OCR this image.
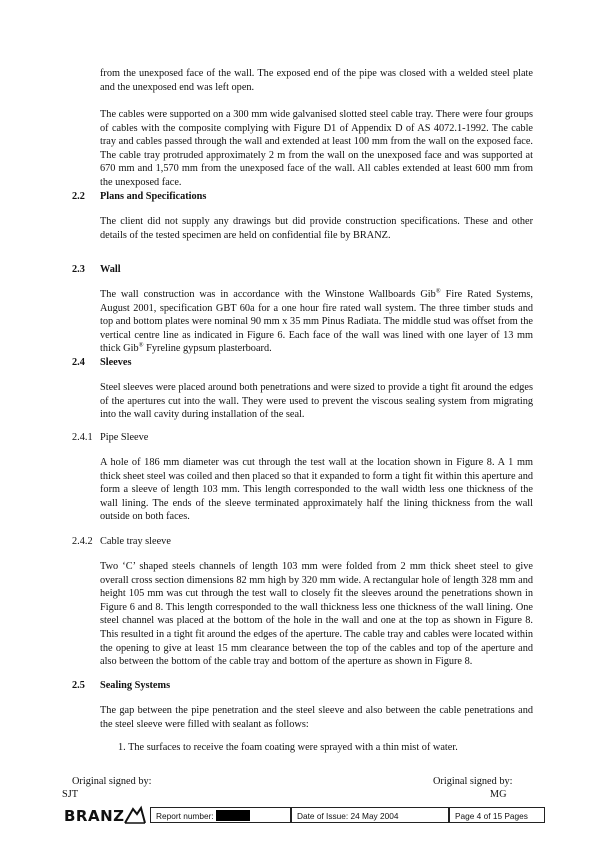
from the unexposed face of the wall. The exposed end of the pipe was closed with a welded steel plate and the unexposed end was left open.

The cables were supported on a 300 mm wide galvanised slotted steel cable tray. There were four groups of cables with the composite complying with Figure D1 of Appendix D of AS 4072.1-1992. The cable tray and cables passed through the wall and extended at least 100 mm from the wall on the exposed face. The cable tray protruded approximately 2 m from the wall on the unexposed face and was supported at 670 mm and 1,570 mm from the unexposed face of the wall. All cables extended at least 600 mm from the unexposed face.

2.2 Plans and Specifications

The client did not supply any drawings but did provide construction specifications. These and other details of the tested specimen are held on confidential file by BRANZ.

2.3 Wall

The wall construction was in accordance with the Winstone Wallboards Gib® Fire Rated Systems, August 2001, specification GBT 60a for a one hour fire rated wall system. The three timber studs and top and bottom plates were nominal 90 mm x 35 mm Pinus Radiata. The middle stud was offset from the vertical centre line as indicated in Figure 6. Each face of the wall was lined with one layer of 13 mm thick Gib® Fyreline gypsum plasterboard.

2.4 Sleeves

Steel sleeves were placed around both penetrations and were sized to provide a tight fit around the edges of the apertures cut into the wall. They were used to prevent the viscous sealing system from migrating into the wall cavity during installation of the seal.

2.4.1 Pipe Sleeve

A hole of 186 mm diameter was cut through the test wall at the location shown in Figure 8. A 1 mm thick sheet steel was coiled and then placed so that it expanded to form a tight fit within this aperture and form a sleeve of length 103 mm. This length corresponded to the wall width less one thickness of the wall lining. The ends of the sleeve terminated approximately half the lining thickness from the wall outside on both faces.

2.4.2 Cable tray sleeve

Two ‘C’ shaped steels channels of length 103 mm were folded from 2 mm thick sheet steel to give overall cross section dimensions 82 mm high by 320 mm wide. A rectangular hole of length 328 mm and height 105 mm was cut through the test wall to closely fit the sleeves around the penetrations shown in Figure 6 and 8. This length corresponded to the wall thickness less one thickness of the wall lining. One steel channel was placed at the bottom of the hole in the wall and one at the top as shown in Figure 8. This resulted in a tight fit around the edges of the aperture. The cable tray and cables were located within the opening to give at least 15 mm clearance between the top of the cables and top of the aperture and also between the bottom of the cable tray and bottom of the aperture as shown in Figure 8.

2.5 Sealing Systems

The gap between the pipe penetration and the steel sleeve and also between the cable penetrations and the steel sleeve were filled with sealant as follows:

1. The surfaces to receive the foam coating were sprayed with a thin mist of water.
Original signed by:
SJT
Original signed by:
MG
BRANZ	Report number:	Date of Issue: 24 May 2004	Page 4 of 15 Pages
